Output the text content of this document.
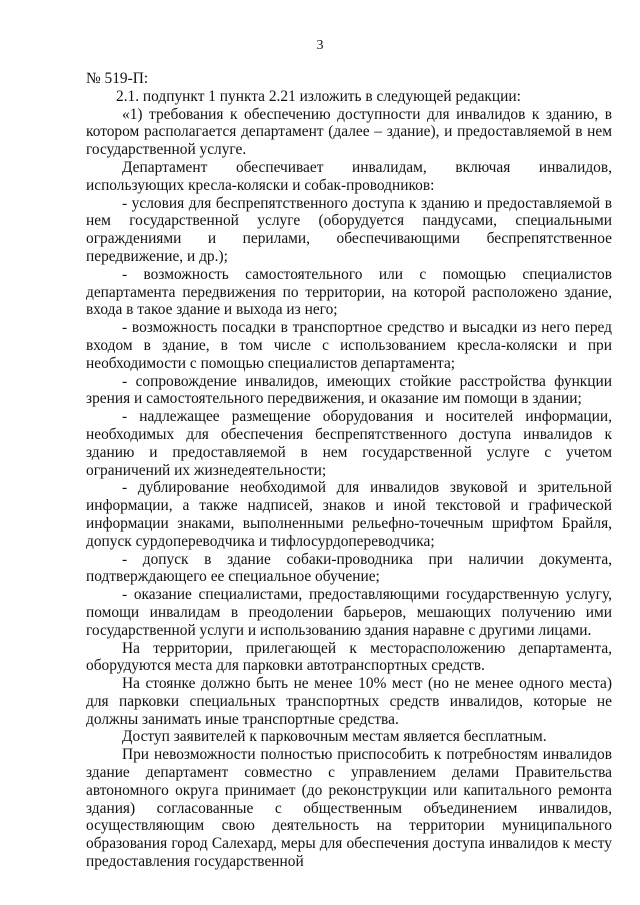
3

№ 519-П:

2.1. подпункт 1 пункта 2.21 изложить в следующей редакции:

«1) требования к обеспечению доступности для инвалидов к зданию, в котором располагается департамент (далее – здание), и предоставляемой в нем государственной услуге.

Департамент обеспечивает инвалидам, включая инвалидов, использующих кресла-коляски и собак-проводников:

- условия для беспрепятственного доступа к зданию и предоставляемой в нем государственной услуге (оборудуется пандусами, специальными ограждениями и перилами, обеспечивающими беспрепятственное передвижение, и др.);

- возможность самостоятельного или с помощью специалистов департамента передвижения по территории, на которой расположено здание, входа в такое здание и выхода из него;

- возможность посадки в транспортное средство и высадки из него перед входом в здание, в том числе с использованием кресла-коляски и при необходимости с помощью специалистов департамента;

- сопровождение инвалидов, имеющих стойкие расстройства функции зрения и самостоятельного передвижения, и оказание им помощи в здании;

- надлежащее размещение оборудования и носителей информации, необходимых для обеспечения беспрепятственного доступа инвалидов к зданию и предоставляемой в нем государственной услуге с учетом ограничений их жизнедеятельности;

- дублирование необходимой для инвалидов звуковой и зрительной информации, а также надписей, знаков и иной текстовой и графической информации знаками, выполненными рельефно-точечным шрифтом Брайля, допуск сурдопереводчика и тифлосурдопереводчика;

- допуск в здание собаки-проводника при наличии документа, подтверждающего ее специальное обучение;

- оказание специалистами, предоставляющими государственную услугу, помощи инвалидам в преодолении барьеров, мешающих получению ими государственной услуги и использованию здания наравне с другими лицами.

На территории, прилегающей к месторасположению департамента, оборудуются места для парковки автотранспортных средств.

На стоянке должно быть не менее 10% мест (но не менее одного места) для парковки специальных транспортных средств инвалидов, которые не должны занимать иные транспортные средства.

Доступ заявителей к парковочным местам является бесплатным.

При невозможности полностью приспособить к потребностям инвалидов здание департамент совместно с управлением делами Правительства автономного округа принимает (до реконструкции или капитального ремонта здания) согласованные с общественным объединением инвалидов, осуществляющим свою деятельность на территории муниципального образования город Салехард, меры для обеспечения доступа инвалидов к месту предоставления государственной
